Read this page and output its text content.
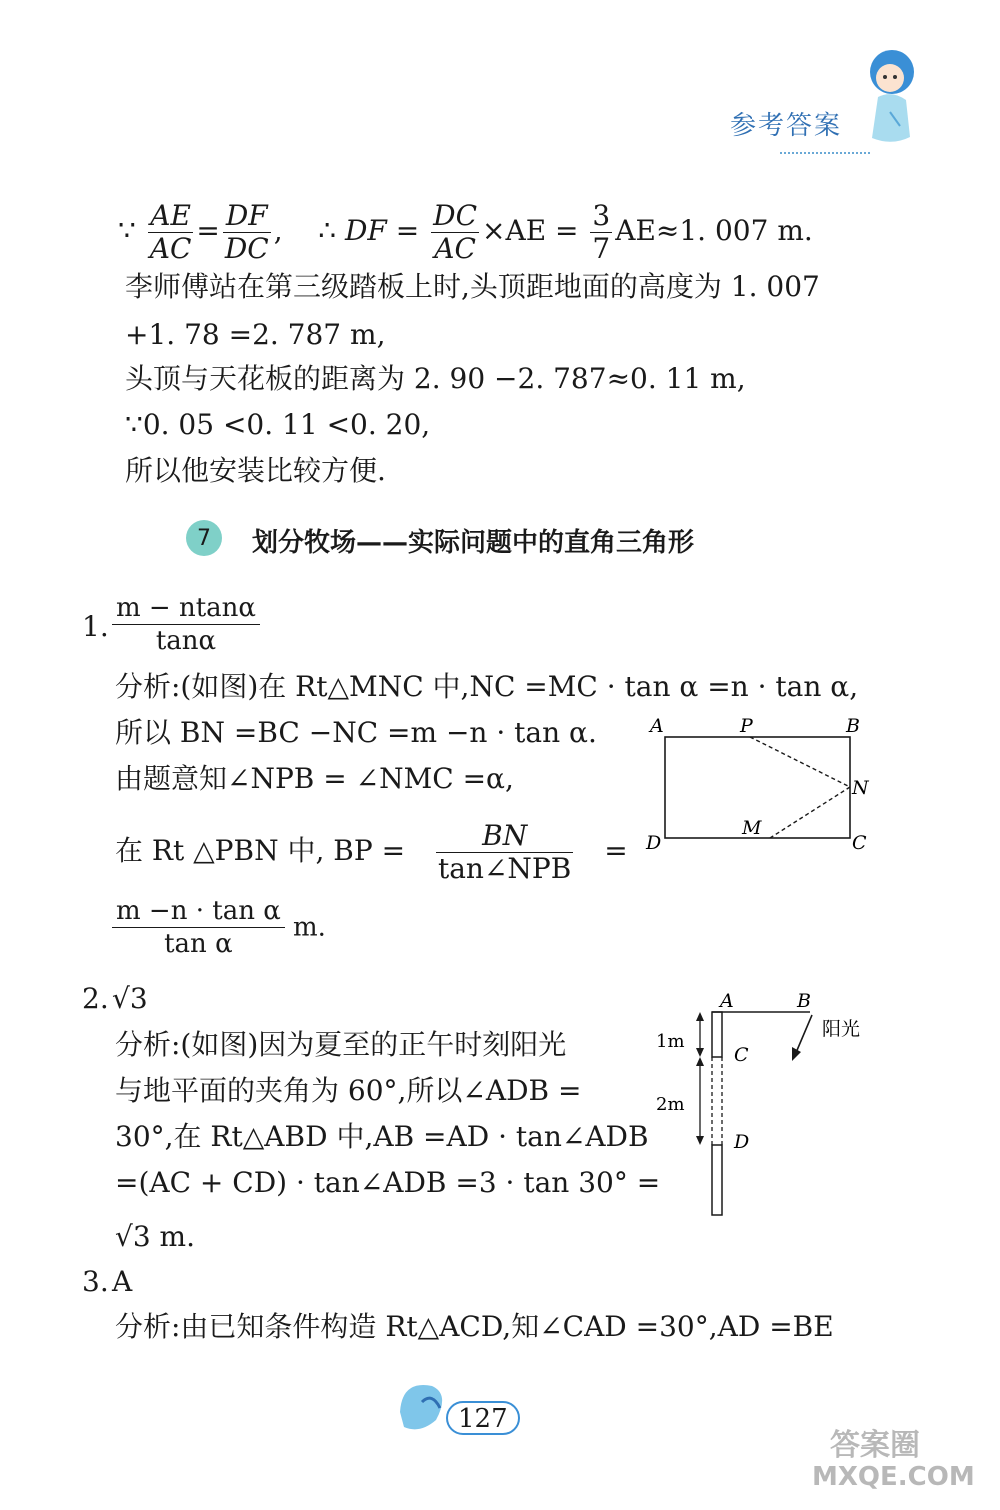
参考答案
∵ $\frac{AE}{AC} = \frac{DF}{DC}$ , ∴ DF = $\frac{DC}{AC} \times AE = \frac{3}{7} AE\approx 1$. 007 m.
李师傅站在第三级踏板上时,头顶距地面的高度为 1. 007
+1. 78 =2. 787 m,
头顶与天花板的距离为 2. 90 −2. 787≈0. 11 m,
∵0. 05 <0. 11 <0. 20,
所以他安装比较方便.
7	划分牧场——实际问题中的直角三角形
1. $\frac{m - ntan\alpha}{\tan\alpha}$
分析:(如图)在 Rt△MNC 中,NC =MC · tan α =n · tan α,
所以 BN =BC −NC =m −n · tan α.
由题意知∠NPB = ∠NMC =α,
在 Rt △PBN 中, BP = $\frac{BN}{\text{tan∠NPB}}$ =
$\frac{\text{m −n · tan α}}{\text{tan α}} m$.
A	P	B
N
D
M
C
2. √3
分析:(如图)因为夏至的正午时刻阳光
与地平面的夹角为 60°,所以∠ADB =
30°,在 Rt△ABD 中,AB =AD · tan∠ADB
=(AC + CD) · tan∠ADB =3 · tan 30° =
√3 m.
A	B
C
D
阳光
1m
2m
3. A
分析:由已知条件构造 Rt△ACD,知∠CAD =30°,AD =BE
127
答案圈
MXQE.COM
